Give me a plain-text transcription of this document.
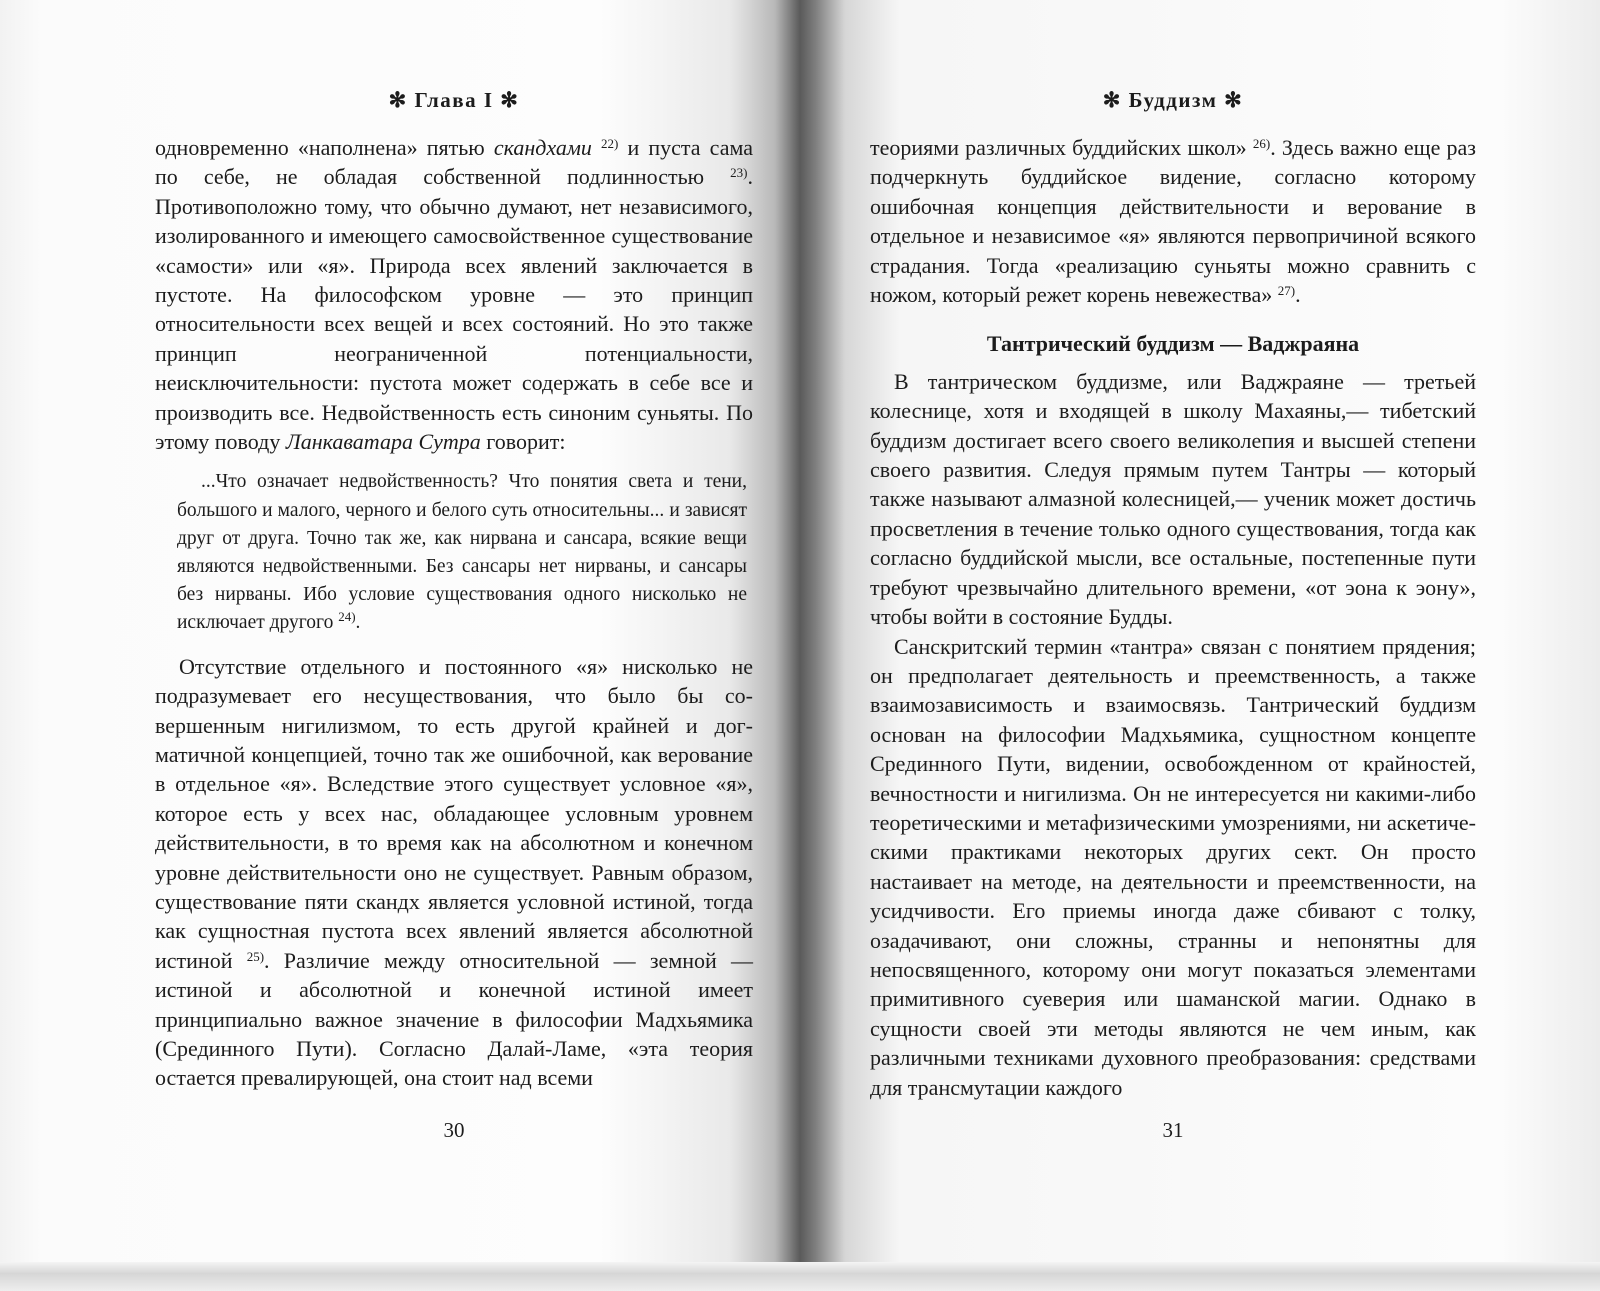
✻ Глава I ✻

одновременно «наполнена» пятью скандхами $^{22)}$ и пуста сама по себе, не обладая собственной подлинностью $^{23)}$. Противоположно тому, что обычно думают, нет независимого, изолированного и имеющего самосвойственное существование «самости» или «я». Природа всех явлений заключается в пустоте. На философском уровне — это принцип относительности всех вещей и всех состояний. Но это также принцип неограниченной потенциальности, неисключительности: пустота может содержать в себе все и производить все. Недвойственность есть синоним суньяты. По этому поводу Ланкаватара Сутра говорит:

...Что означает недвойственность? Что понятия света и тени, большого и малого, черного и белого суть относительны... и зависят друг от друга. Точно так же, как нирвана и сансара, всякие вещи являются недвойственными. Без сансары нет нирваны, и сансары без нирваны. Ибо условие существования одного нисколько не исключает другого $^{24)}$.

Отсутствие отдельного и постоянного «я» нисколько не подразумевает его несуществования, что было бы совершенным нигилизмом, то есть другой крайней и догматичной концепцией, точно так же ошибочной, как верование в отдельное «я». Вследствие этого существует условное «я», которое есть у всех нас, обладающее условным уровнем действительности, в то время как на абсолютном и конечном уровне действительности оно не существует. Равным образом, существование пяти скандх является условной истиной, тогда как сущностная пустота всех явлений является абсолютной истиной $^{25)}$. Различие между относительной — земной — истиной и абсолютной и конечной истиной имеет принципиально важное значение в философии Мадхьямика (Срединного Пути). Согласно Далай-Ламе, «эта теория остается превалирующей, она стоит над всеми

30
✻ Буддизм ✻

теориями различных буддийских школ» $^{26)}$. Здесь важно еще раз подчеркнуть буддийское видение, согласно которому ошибочная концепция действительности и верование в отдельное и независимое «я» являются первопричиной всякого страдания. Тогда «реализацию суньяты можно сравнить с ножом, который режет корень невежества» $^{27)}$.

Тантрический буддизм — Ваджраяна

В тантрическом буддизме, или Ваджраяне — третьей колеснице, хотя и входящей в школу Махаяны,— тибетский буддизм достигает всего своего великолепия и высшей степени своего развития. Следуя прямым путем Тантры — который также называют алмазной колесницей,— ученик может достичь просветления в течение только одного существования, тогда как согласно буддийской мысли, все остальные, постепенные пути требуют чрезвычайно длительного времени, «от эона к эону», чтобы войти в состояние Будды.

Санскритский термин «тантра» связан с понятием прядения; он предполагает деятельность и преемственность, а также взаимозависимость и взаимосвязь. Тантрический буддизм основан на философии Мадхьямика, сущностном концепте Срединного Пути, видении, освобожденном от крайностей, вечностности и нигилизма. Он не интересуется ни какими-либо теоретическими и метафизическими умозрениями, ни аскетическими практиками некоторых других сект. Он просто настаивает на методе, на деятельности и преемственности, на усидчивости. Его приемы иногда даже сбивают с толку, озадачивают, они сложны, странны и непонятны для непосвященного, которому они могут показаться элементами примитивного суеверия или шаманской магии. Однако в сущности своей эти методы являются не чем иным, как различными техниками духовного преобразования: средствами для трансмутации каждого

31
